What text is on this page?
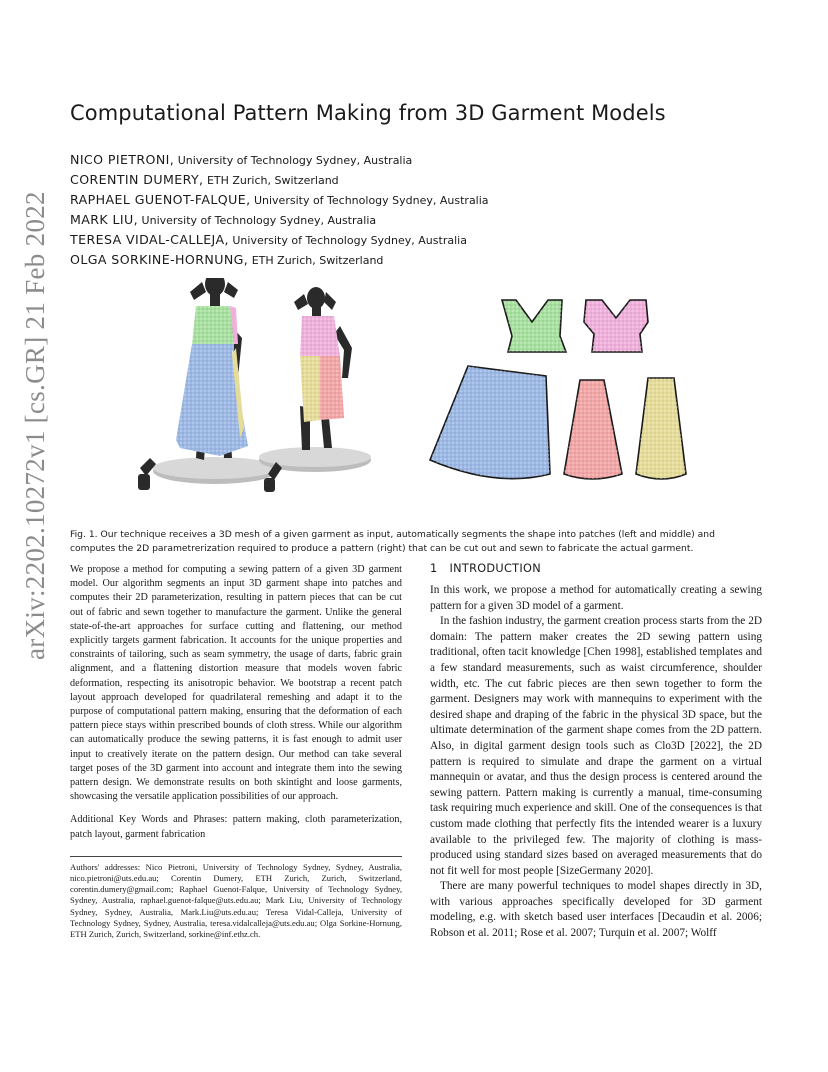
arXiv:2202.10272v1 [cs.GR] 21 Feb 2022
Computational Pattern Making from 3D Garment Models
NICO PIETRONI, University of Technology Sydney, Australia
CORENTIN DUMERY, ETH Zurich, Switzerland
RAPHAEL GUENOT-FALQUE, University of Technology Sydney, Australia
MARK LIU, University of Technology Sydney, Australia
TERESA VIDAL-CALLEJA, University of Technology Sydney, Australia
OLGA SORKINE-HORNUNG, ETH Zurich, Switzerland
Fig. 1. Our technique receives a 3D mesh of a given garment as input, automatically segments the shape into patches (left and middle) and computes the 2D parametrerization required to produce a pattern (right) that can be cut out and sewn to fabricate the actual garment.

We propose a method for computing a sewing pattern of a given 3D garment model. Our algorithm segments an input 3D garment shape into patches and computes their 2D parameterization, resulting in pattern pieces that can be cut out of fabric and sewn together to manufacture the garment. Unlike the general state-of-the-art approaches for surface cutting and flattening, our method explicitly targets garment fabrication. It accounts for the unique properties and constraints of tailoring, such as seam symmetry, the usage of darts, fabric grain alignment, and a flattening distortion measure that models woven fabric deformation, respecting its anisotropic behavior. We bootstrap a recent patch layout approach developed for quadrilateral remeshing and adapt it to the purpose of computational pattern making, ensuring that the deformation of each pattern piece stays within prescribed bounds of cloth stress. While our algorithm can automatically produce the sewing patterns, it is fast enough to admit user input to creatively iterate on the pattern design. Our method can take several target poses of the 3D garment into account and integrate them into the sewing pattern design. We demonstrate results on both skintight and loose garments, showcasing the versatile application possibilities of our approach.

Additional Key Words and Phrases: pattern making, cloth parameterization, patch layout, garment fabrication

Authors' addresses: Nico Pietroni, University of Technology Sydney, Sydney, Australia, nico.pietroni@uts.edu.au; Corentin Dumery, ETH Zurich, Zurich, Switzerland, corentin.dumery@gmail.com; Raphael Guenot-Falque, University of Technology Sydney, Sydney, Australia, raphael.guenot-falque@uts.edu.au; Mark Liu, University of Technology Sydney, Sydney, Australia, Mark.Liu@uts.edu.au; Teresa Vidal-Calleja, University of Technology Sydney, Sydney, Australia, teresa.vidalcalleja@uts.edu.au; Olga Sorkine-Hornung, ETH Zurich, Zurich, Switzerland, sorkine@inf.ethz.ch.

1 INTRODUCTION

In this work, we propose a method for automatically creating a sewing pattern for a given 3D model of a garment.

In the fashion industry, the garment creation process starts from the 2D domain: The pattern maker creates the 2D sewing pattern using traditional, often tacit knowledge [Chen 1998], established templates and a few standard measurements, such as waist circumference, shoulder width, etc. The cut fabric pieces are then sewn together to form the garment. Designers may work with mannequins to experiment with the desired shape and draping of the fabric in the physical 3D space, but the ultimate determination of the garment shape comes from the 2D pattern. Also, in digital garment design tools such as Clo3D [2022], the 2D pattern is required to simulate and drape the garment on a virtual mannequin or avatar, and thus the design process is centered around the sewing pattern. Pattern making is currently a manual, time-consuming task requiring much experience and skill. One of the consequences is that custom made clothing that perfectly fits the intended wearer is a luxury available to the privileged few. The majority of clothing is mass-produced using standard sizes based on averaged measurements that do not fit well for most people [SizeGermany 2020].

There are many powerful techniques to model shapes directly in 3D, with various approaches specifically developed for 3D garment modeling, e.g. with sketch based user interfaces [Decaudin et al. 2006; Robson et al. 2011; Rose et al. 2007; Turquin et al. 2007; Wolff
